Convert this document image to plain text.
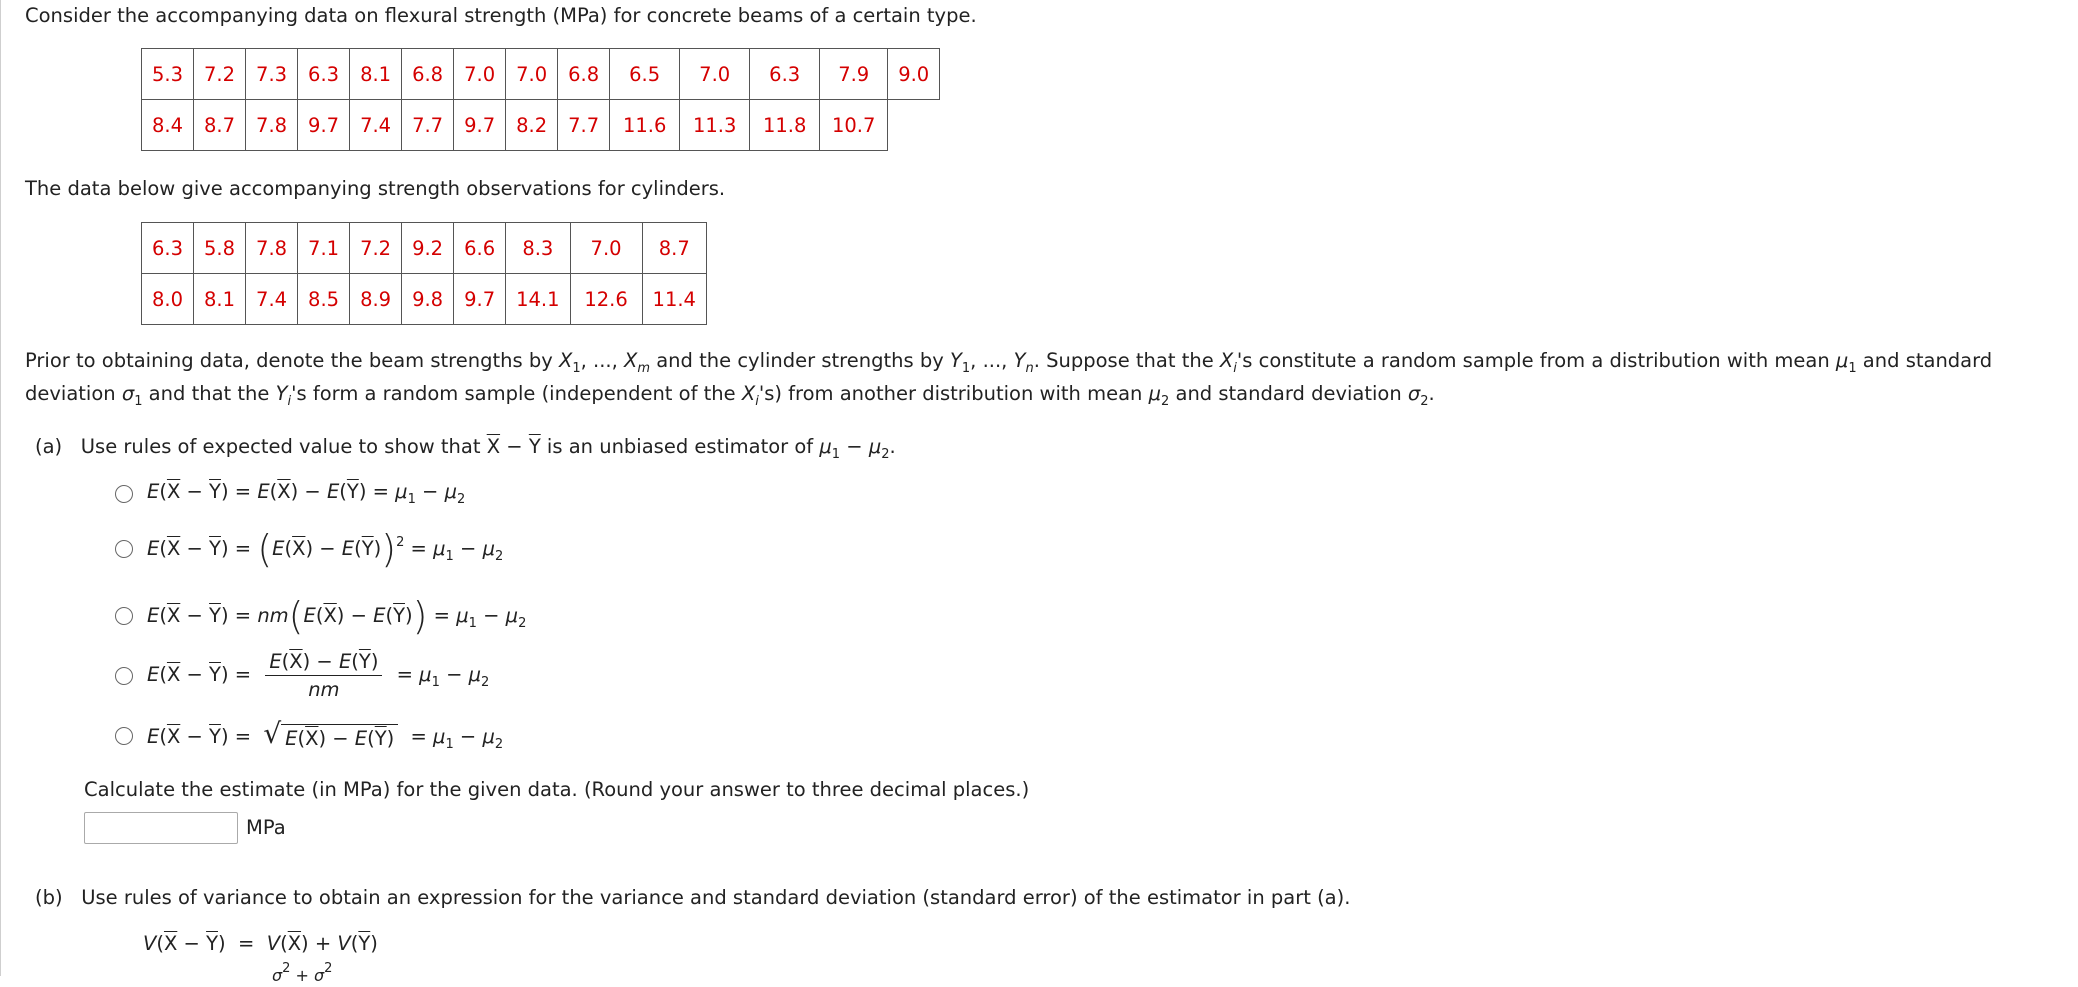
Consider the accompanying data on flexural strength (MPa) for concrete beams of a certain type.
5.3	7.2	7.3	6.3	8.1	6.8	7.0	7.0	6.8	6.5	7.0	6.3	7.9	9.0
8.4	8.7	7.8	9.7	7.4	7.7	9.7	8.2	7.7	11.6	11.3	11.8	10.7	
The data below give accompanying strength observations for cylinders.
6.3	5.8	7.8	7.1	7.2	9.2	6.6	8.3	7.0	8.7
8.0	8.1	7.4	8.5	8.9	9.8	9.7	14.1	12.6	11.4
Prior to obtaining data, denote the beam strengths by $X_1$, ..., $X_m$ and the cylinder strengths by $Y_1$, ..., $Y_n$. Suppose that the $X_i's$ constitute a random sample from a distribution with mean $\mu_1$ and standard
deviation $\sigma_1$ and that the $Y_i's$ form a random sample (independent of the $X_i's$) from another distribution with mean $\mu_2$ and standard deviation $\sigma_2$.
(a) Use rules of expected value to show that $\overline{X} - \overline{Y}$ is an unbiased estimator of $\mu_1 - \mu_2$.
$E(\overline{X} - \overline{Y}) = E(\overline{X}) - E(\overline{Y}) = \mu_1 - \mu_2$
$E(\overline{X} - \overline{Y}) = (E(\overline{X}) - E(\overline{Y}))^2 = \mu_1 - \mu_2$
$E(\overline{X} - \overline{Y}) = nm(E(\overline{X}) - E(\overline{Y})) = \mu_1 - \mu_2$
$E(\overline{X} - \overline{Y}) = \frac{E(\overline{X}) - E(\overline{Y})}{nm} = \mu_1 - \mu_2$
$E(\overline{X} - \overline{Y})$ = √ $E(\overline{X}) - E(\overline{Y}) = \mu_1 - \mu_2$
Calculate the estimate (in MPa) for the given data. (Round your answer to three decimal places.)
MPa
(b) Use rules of variance to obtain an expression for the variance and standard deviation (standard error) of the estimator in part (a).
$V(\overline{X} - \overline{Y}) = V(\overline{X}) + V(\overline{Y})$
$\sigma^2 + \sigma^2$
